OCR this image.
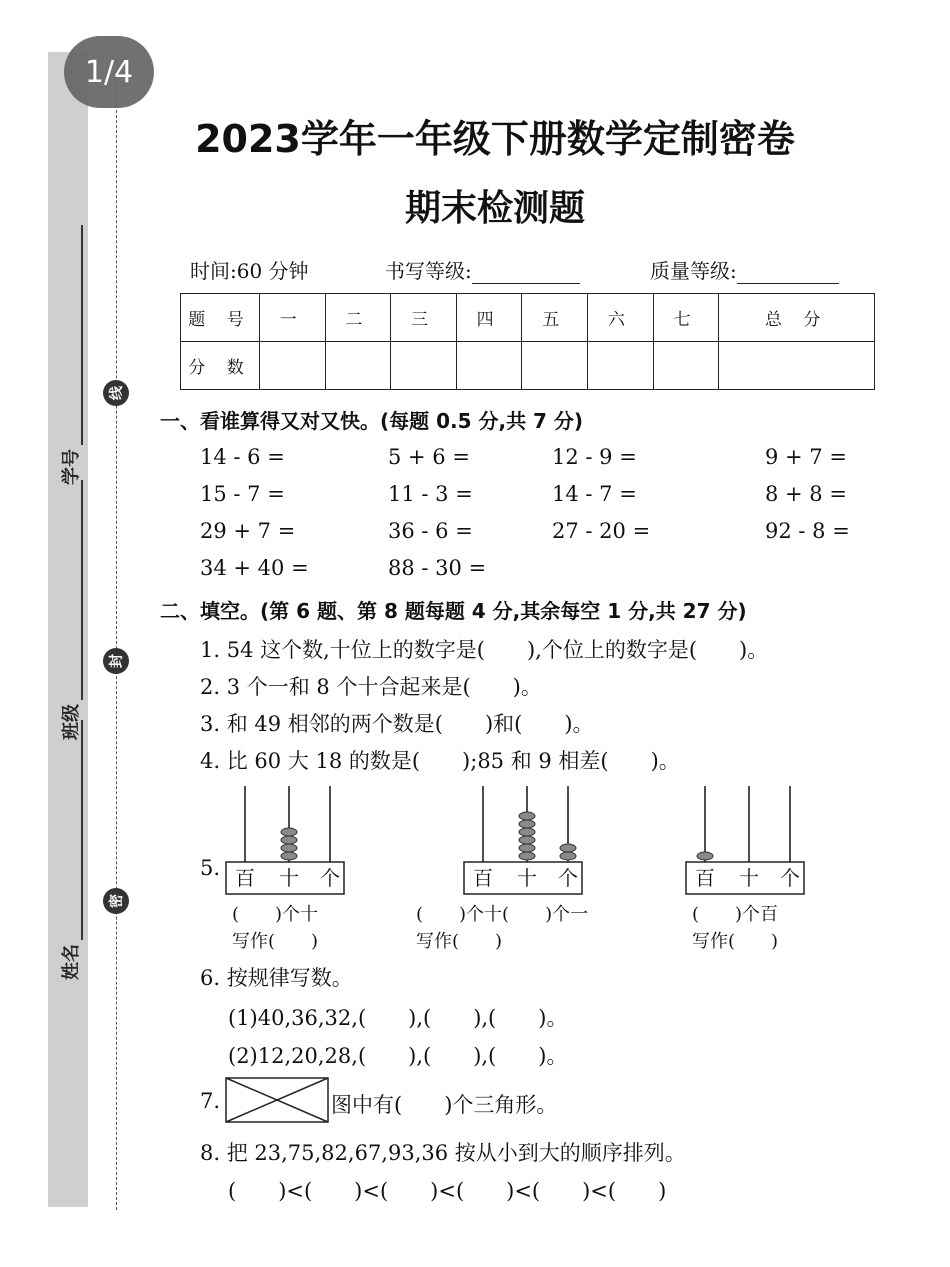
线
封
密
学号
班级
姓名
1/4
2023学年一年级下册数学定制密卷
期末检测题
时间:60 分钟	书写等级:	质量等级:
题 号	一	二	三	四	五	六	七	总 分
分 数								
一、看谁算得又对又快。(每题 0.5 分,共 7 分)
14 - 6 =	5 + 6 =	12 - 9 =	9 + 7 =
15 - 7 =	11 - 3 =	14 - 7 =	8 + 8 =
29 + 7 =	36 - 6 =	27 - 20 =	92 - 8 =
34 + 40 =	88 - 30 =
二、填空。(第 6 题、第 8 题每题 4 分,其余每空 1 分,共 27 分)
1. 54 这个数,十位上的数字是(　　),个位上的数字是(　　)。
2. 3 个一和 8 个十合起来是(　　)。
3. 和 49 相邻的两个数是(　　)和(　　)。
4. 比 60 大 18 的数是(　　);85 和 9 相差(　　)。
5. 百 十 个	百 十 个	百 十 个
(　　)个十
写作(　　)
(　　)个十(　　)个一
写作(　　)
(　　)个百
写作(　　)
6. 按规律写数。
(1)40,36,32,(　　),(　　),(　　)。
(2)12,20,28,(　　),(　　),(　　)。
7.	图中有(　　)个三角形。
8. 把 23,75,82,67,93,36 按从小到大的顺序排列。
(　　)<(　　)<(　　)<(　　)<(　　)<(　　)
